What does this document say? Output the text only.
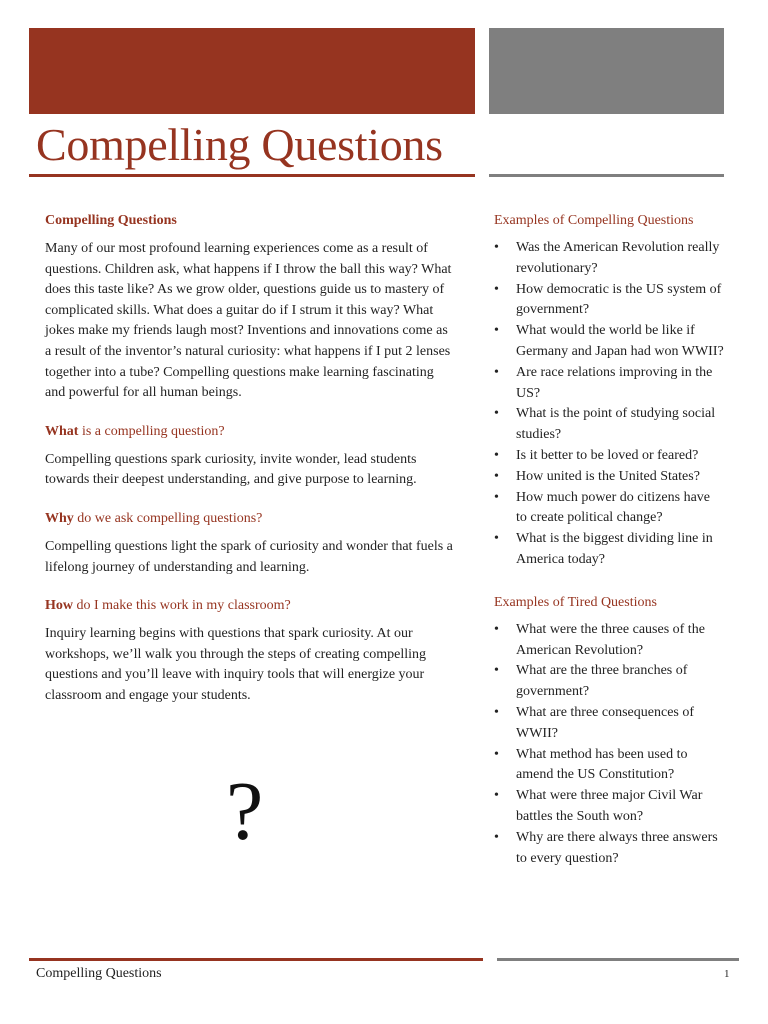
Compelling Questions
Compelling Questions

Many of our most profound learning experiences come as a result of questions. Children ask, what happens if I throw the ball this way? What does this taste like? As we grow older, questions guide us to mastery of complicated skills. What does a guitar do if I strum it this way? What jokes make my friends laugh most? Inventions and innovations come as a result of the inventor’s natural curiosity: what happens if I put 2 lenses together into a tube? Compelling questions make learning fascinating and powerful for all human beings.

What is a compelling question?

Compelling questions spark curiosity, invite wonder, lead students towards their deepest understanding, and give purpose to learning.

Why do we ask compelling questions?

Compelling questions light the spark of curiosity and wonder that fuels a lifelong journey of understanding and learning.

How do I make this work in my classroom?

Inquiry learning begins with questions that spark curiosity. At our workshops, we’ll walk you through the steps of creating compelling questions and you’ll leave with inquiry tools that will energize your classroom and engage your students.

?
Examples of Compelling Questions
• Was the American Revolution really revolutionary?
• How democratic is the US system of government?
• What would the world be like if Germany and Japan had won WWII?
• Are race relations improving in the US?
• What is the point of studying social studies?
• Is it better to be loved or feared?
• How united is the United States?
• How much power do citizens have to create political change?
• What is the biggest dividing line in America today?
Examples of Tired Questions
• What were the three causes of the American Revolution?
• What are the three branches of government?
• What are three consequences of WWII?
• What method has been used to amend the US Constitution?
• What were three major Civil War battles the South won?
• Why are there always three answers to every question?
Compelling Questions	1
